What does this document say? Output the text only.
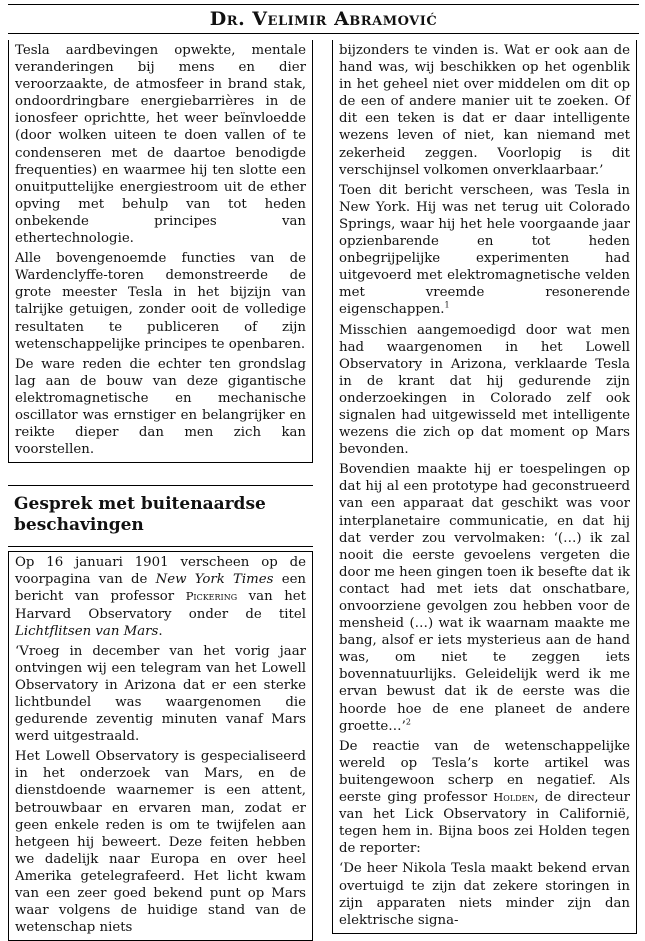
Dr. Velimir Abramović

Tesla aardbevingen opwekte, mentale veranderingen bij mens en dier veroorzaakte, de atmosfeer in brand stak, ondoordringbare energiebarrières in de ionosfeer oprichtte, het weer beïnvloedde (door wolken uiteen te doen vallen of te condenseren met de daartoe benodigde frequenties) en waarmee hij ten slotte een onuitputtelijke energiestroom uit de ether opving met behulp van tot heden onbekende principes van ethertechnologie.

Alle bovengenoemde functies van de Wardenclyffe-toren demonstreerde de grote meester Tesla in het bijzijn van talrijke getuigen, zonder ooit de volledige resultaten te publiceren of zijn wetenschappelijke principes te openbaren.

De ware reden die echter ten grondslag lag aan de bouw van deze gigantische elektromagnetische en mechanische oscillator was ernstiger en belangrijker en reikte dieper dan men zich kan voorstellen.

Gesprek met buitenaardse beschavingen

Op 16 januari 1901 verscheen op de voorpagina van de New York Times een bericht van professor Pickering van het Harvard Observatory onder de titel Lichtflitsen van Mars.

‘Vroeg in december van het vorig jaar ontvingen wij een telegram van het Lowell Observatory in Arizona dat er een sterke lichtbundel was waargenomen die gedurende zeventig minuten vanaf Mars werd uitgestraald.

Het Lowell Observatory is gespecialiseerd in het onderzoek van Mars, en de dienstdoende waarnemer is een attent, betrouwbaar en ervaren man, zodat er geen enkele reden is om te twijfelen aan hetgeen hij beweert. Deze feiten hebben we dadelijk naar Europa en over heel Amerika getelegrafeerd. Het licht kwam van een zeer goed bekend punt op Mars waar volgens de huidige stand van de wetenschap niets

bijzonders te vinden is. Wat er ook aan de hand was, wij beschikken op het ogenblik in het geheel niet over middelen om dit op de een of andere manier uit te zoeken. Of dit een teken is dat er daar intelligente wezens leven of niet, kan niemand met zekerheid zeggen. Voorlopig is dit verschijnsel volkomen onverklaarbaar.’

Toen dit bericht verscheen, was Tesla in New York. Hij was net terug uit Colorado Springs, waar hij het hele voorgaande jaar opzienbarende en tot heden onbegrijpelijke experimenten had uitgevoerd met elektromagnetische velden met vreemde resonerende eigenschappen.$^1$

Misschien aangemoedigd door wat men had waargenomen in het Lowell Observatory in Arizona, verklaarde Tesla in de krant dat hij gedurende zijn onderzoekingen in Colorado zelf ook signalen had uitgewisseld met intelligente wezens die zich op dat moment op Mars bevonden.

Bovendien maakte hij er toespelingen op dat hij al een prototype had geconstrueerd van een apparaat dat geschikt was voor interplanetaire communicatie, en dat hij dat verder zou vervolmaken: ‘(…) ik zal nooit die eerste gevoelens vergeten die door me heen gingen toen ik besefte dat ik contact had met iets dat onschatbare, onvoorziene gevolgen zou hebben voor de mensheid (…) wat ik waarnam maakte me bang, alsof er iets mysterieus aan de hand was, om niet te zeggen iets bovennatuurlijks. Geleidelijk werd ik me ervan bewust dat ik de eerste was die hoorde hoe de ene planeet de andere groette…’$^2$

De reactie van de wetenschappelijke wereld op Tesla’s korte artikel was buitengewoon scherp en negatief. Als eerste ging professor Holden, de directeur van het Lick Observatory in Californië, tegen hem in. Bijna boos zei Holden tegen de reporter:

‘De heer Nikola Tesla maakt bekend ervan overtuigd te zijn dat zekere storingen in zijn apparaten niets minder zijn dan elektrische signa-
